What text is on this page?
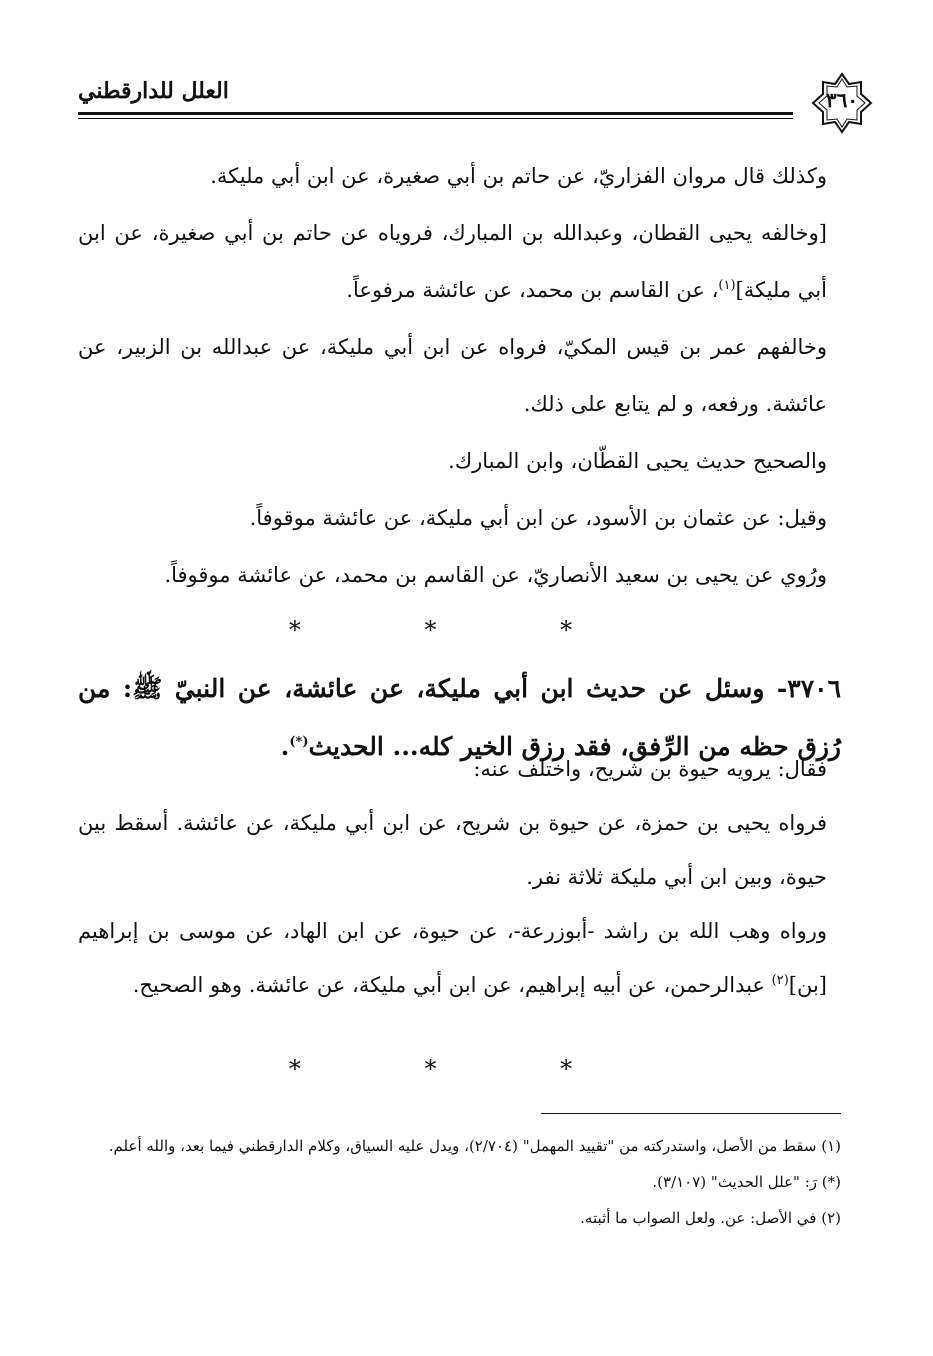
العلل للدارقطني	٣٦٠

وكذلك قال مروان الفزاريّ، عن حاتم بن أبي صغيرة، عن ابن أبي مليكة.

[وخالفه يحيى القطان، وعبدالله بن المبارك، فروياه عن حاتم بن أبي صغيرة، عن ابن أبي مليكة]$^{(١)}$، عن القاسم بن محمد، عن عائشة مرفوعاً.

وخالفهم عمر بن قيس المكيّ، فرواه عن ابن أبي مليكة، عن عبدالله بن الزبير، عن عائشة. ورفعه، و لم يتابع على ذلك.

والصحيح حديث يحيى القطّان، وابن المبارك.

وقيل: عن عثمان بن الأسود، عن ابن أبي مليكة، عن عائشة موقوفاً.

ورُوي عن يحيى بن سعيد الأنصاريّ، عن القاسم بن محمد، عن عائشة موقوفاً.

* * *
٣٧٠٦- وسئل عن حديث ابن أبي مليكة، عن عائشة، عن النبيّ ﷺ: من رُزق حظه من الرِّفق، فقد رزق الخير كله... الحديث(*).

فقال: يرويه حيوة بن شريح، واختلف عنه:

فرواه يحيى بن حمزة، عن حيوة بن شريح، عن ابن أبي مليكة، عن عائشة. أسقط بين حيوة، وبين ابن أبي مليكة ثلاثة نفر.

ورواه وهب الله بن راشد -أبوزرعة-، عن حيوة، عن ابن الهاد، عن موسى بن إبراهيم [بن]$^{(٢)}$ عبدالرحمن، عن أبيه إبراهيم، عن ابن أبي مليكة، عن عائشة. وهو الصحيح.

* * *

(١) سقط من الأصل، واستدركته من "تقييد المهمل" (٢/٧٠٤)، ويدل عليه السياق، وكلام الدارقطني فيما بعد، والله أعلم.

(*) رَ: "علل الحديث" (٣/١٠٧).

(٢) في الأصل: عن. ولعل الصواب ما أثبته.
